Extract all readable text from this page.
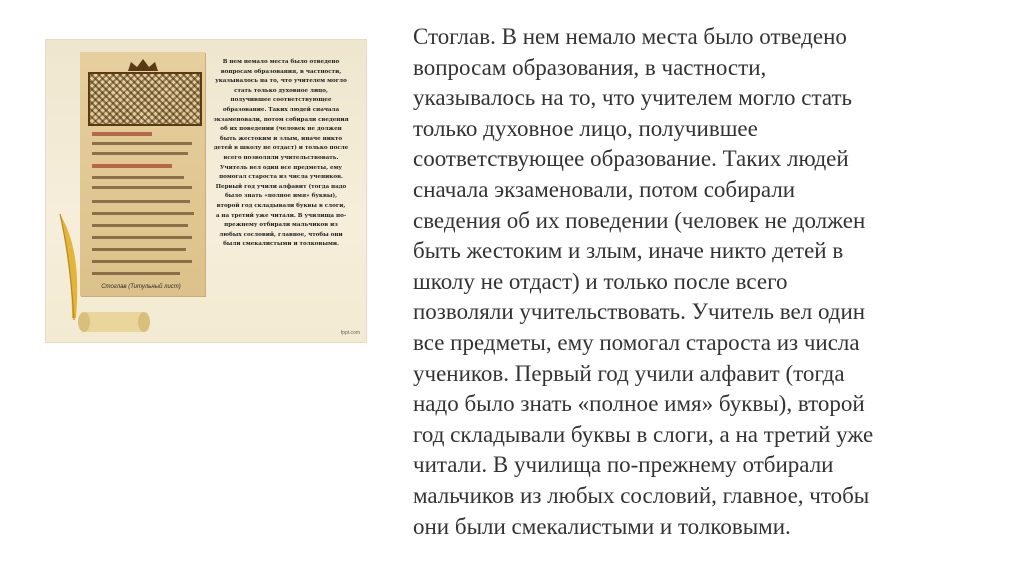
Стоглав (Титульный лист)
В нем немало места было отведено
вопросам образования, в частности,
указывалось на то, что учителем могло
стать только духовное лицо,
получившее соответствующее
образование. Таких людей сначала
экзаменовали, потом собирали сведения
об их поведении (человек не должен
быть жестоким и злым, иначе никто
детей в школу не отдаст) и только после
всего позволяли учительствовать.
Учитель вел один все предметы, ему
помогал староста из числа учеников.
Первый год учили алфавит (тогда надо
было знать «полное имя» буквы),
второй год складывали буквы в слоги,
а на третий уже читали. В училища по-
прежнему отбирали мальчиков из
любых сословий, главное, чтобы они
были смекалистыми и толковыми.
fppt.com
Стоглав. В нем немало места было отведено
вопросам образования, в частности,
указывалось на то, что учителем могло стать
только духовное лицо, получившее
соответствующее образование. Таких людей
сначала экзаменовали, потом собирали
сведения об их поведении (человек не должен
быть жестоким и злым, иначе никто детей в
школу не отдаст) и только после всего
позволяли учительствовать. Учитель вел один
все предметы, ему помогал староста из числа
учеников. Первый год учили алфавит (тогда
надо было знать «полное имя» буквы), второй
год складывали буквы в слоги, а на третий уже
читали. В училища по-прежнему отбирали
мальчиков из любых сословий, главное, чтобы
они были смекалистыми и толковыми.
